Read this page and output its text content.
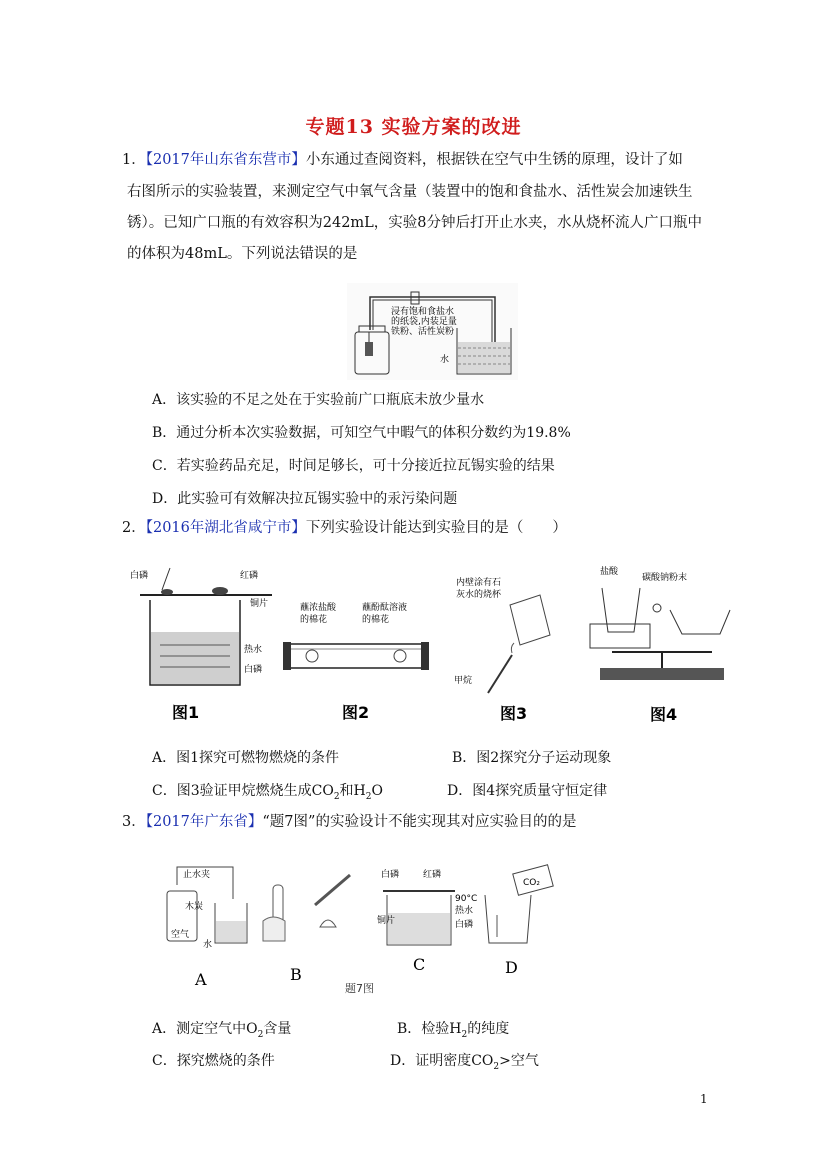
专题13 实验方案的改进
1．【2017年山东省东营市】小东通过查阅资料，根据铁在空气中生锈的原理，设计了如
右图所示的实验装置，来测定空气中氧气含量（装置中的饱和食盐水、活性炭会加速铁生
锈）。已知广口瓶的有效容积为242mL，实验8分钟后打开止水夹，水从烧杯流人广口瓶中
的体积为48mL。下列说法错误的是
浸有饱和食盐水
的纸袋,内装足量
铁粉、活性炭粉
水
A．该实验的不足之处在于实验前广口瓶底未放少量水
B．通过分析本次实验数据，可知空气中暇气的体积分数约为19.8%
C．若实验药品充足，时间足够长，可十分接近拉瓦锡实验的结果
D．此实验可有效解决拉瓦锡实验中的汞污染问题
2．【2016年湖北省咸宁市】下列实验设计能达到实验目的是（　　）
白磷	红磷
铜片
热水
白磷
图1
蘸浓盐酸
的棉花
蘸酚酞溶液
的棉花
图2
内壁涂有石
灰水的烧杯
甲烷
图3
盐酸
碳酸钠粉末
图4
A．图1探究可燃物燃烧的条件	B．图2探究分子运动现象
C．图3验证甲烷燃烧生成$CO_2$和$H_2O$	D．图4探究质量守恒定律
3．【2017年广东省】“题7图”的实验设计不能实现其对应实验目的的是
止水夹
木炭
空气
水
A	B
白磷	红磷
90°C
热水
铜片	白磷
C
CO₂
D
题7图
A．测定空气中$O_2$含量	B．检验$H_2$的纯度
C．探究燃烧的条件	D．证明密度$CO_2>$空气
1
